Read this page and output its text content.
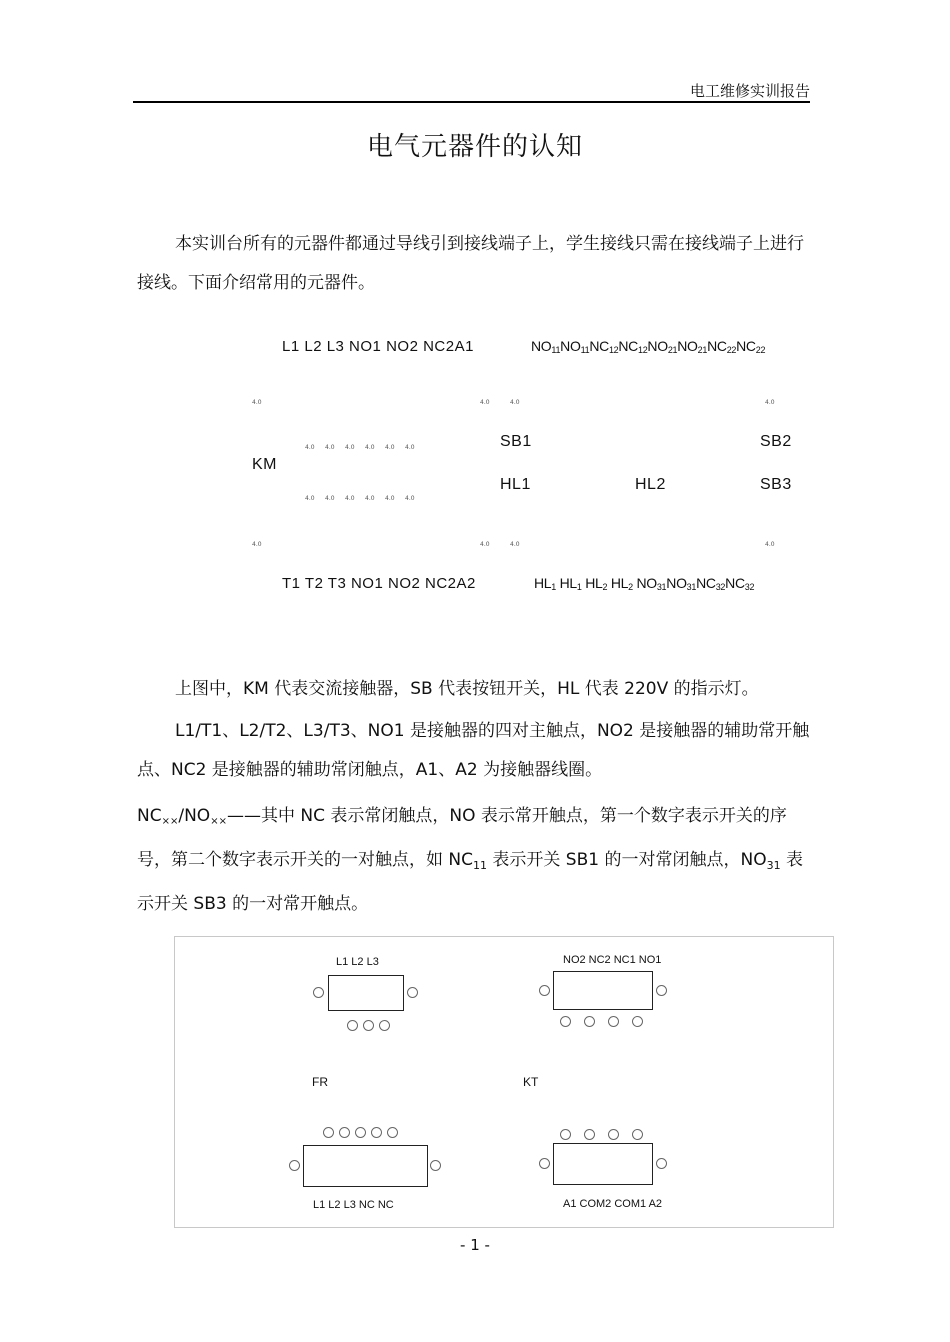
电工维修实训报告
电气元器件的认知
本实训台所有的元器件都通过导线引到接线端子上，学生接线只需在接线端子上进行接线。下面介绍常用的元器件。
L1 L2 L3 NO1 NO2 NC2A1	NO11NO11NC12NC12NO21NO21NC22NC22
4.0	4.0	4.0	4.0
4.0 4.0 4.0 4.0 4.0 4.0	SB1	SB2
KM
HL1	HL2	SB3
4.0 4.0 4.0 4.0 4.0 4.0
4.0	4.0	4.0	4.0
T1 T2 T3 NO1 NO2 NC2A2	HL1 HL1 HL2 HL2 NO31NO31NC32NC32
上图中，KM 代表交流接触器，SB 代表按钮开关，HL 代表 220V 的指示灯。
L1/T1、L2/T2、L3/T3、NO1 是接触器的四对主触点，NO2 是接触器的辅助常开触点、NC2 是接触器的辅助常闭触点，A1、A2 为接触器线圈。
NC××/NO××——其中 NC 表示常闭触点，NO 表示常开触点，第一个数字表示开关的序号，第二个数字表示开关的一对触点，如 $NC_{11}$ 表示开关 SB1 的一对常闭触点，$NO_{31}$ 表示开关 SB3 的一对常开触点。
L1 L2 L3	NO2 NC2 NC1 NO1
FR	KT
L1 L2 L3 NC NC	A1 COM2 COM1 A2
- 1 -
